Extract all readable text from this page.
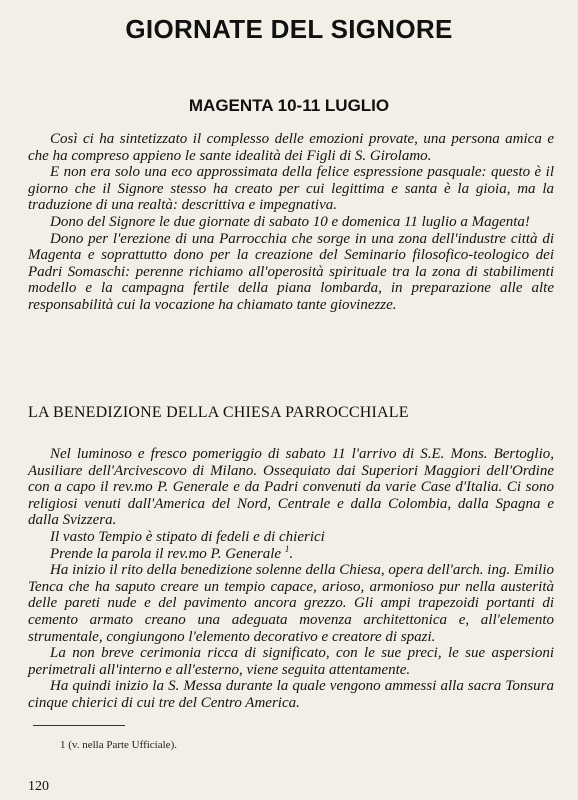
GIORNATE DEL SIGNORE
MAGENTA 10-11 LUGLIO

Così ci ha sintetizzato il complesso delle emozioni provate, una persona amica e che ha compreso appieno le sante idealità dei Figli di S. Girolamo.

E non era solo una eco approssimata della felice espressione pasquale: questo è il giorno che il Signore stesso ha creato per cui legittima e santa è la gioia, ma la traduzione di una realtà: descrittiva e impegnativa.

Dono del Signore le due giornate di sabato 10 e domenica 11 luglio a Magenta!

Dono per l'erezione di una Parrocchia che sorge in una zona dell'industre città di Magenta e soprattutto dono per la creazione del Seminario filosofico-teologico dei Padri Somaschi: perenne richiamo all'operosità spirituale tra la zona di stabilimenti modello e la campagna fertile della piana lombarda, in preparazione alle alte responsabilità cui la vocazione ha chiamato tante giovinezze.

LA BENEDIZIONE DELLA CHIESA PARROCCHIALE

Nel luminoso e fresco pomeriggio di sabato 11 l'arrivo di S.E. Mons. Bertoglio, Ausiliare dell'Arcivescovo di Milano. Ossequiato dai Superiori Maggiori dell'Ordine con a capo il rev.mo P. Generale e da Padri convenuti da varie Case d'Italia. Ci sono religiosi venuti dall'America del Nord, Centrale e dalla Colombia, dalla Spagna e dalla Svizzera.

Il vasto Tempio è stipato di fedeli e di chierici

Prende la parola il rev.mo P. Generale $^1$.

Ha inizio il rito della benedizione solenne della Chiesa, opera dell'arch. ing. Emilio Tenca che ha saputo creare un tempio capace, arioso, armonioso pur nella austerità delle pareti nude e del pavimento ancora grezzo. Gli ampi trapezoidi portanti di cemento armato creano una adeguata movenza architettonica e, all'elemento strumentale, congiungono l'elemento decorativo e creatore di spazi.

La non breve cerimonia ricca di significato, con le sue preci, le sue aspersioni perimetrali all'interno e all'esterno, viene seguita attentamente.

Ha quindi inizio la S. Messa durante la quale vengono ammessi alla sacra Tonsura cinque chierici di cui tre del Centro America.

1 (v. nella Parte Ufficiale).
120
